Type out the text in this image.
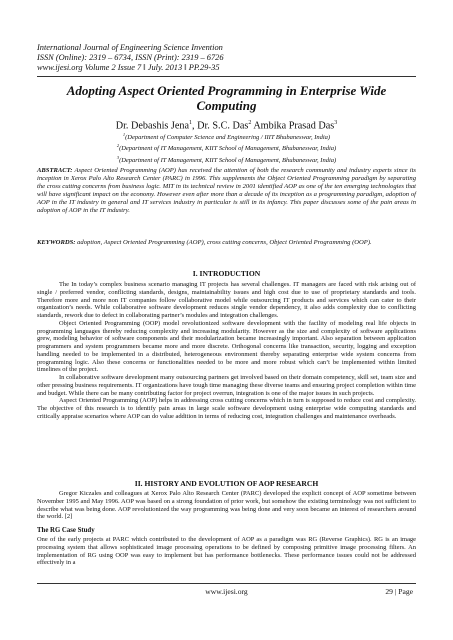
International Journal of Engineering Science Invention
ISSN (Online): 2319 – 6734, ISSN (Print): 2319 – 6726
www.ijesi.org Volume 2 Issue 7 ǁ July. 2013 ǁ PP.29-35
Adopting Aspect Oriented Programming in Enterprise Wide Computing
Dr. Debashis Jena$^1$, Dr. S.C. Das$^2$ Ambika Prasad Das$^3$
$^1$(Department of Computer Science and Engineering / IIIT Bhubaneswar, India)
$^2$(Department of IT Management, KIIT School of Management, Bhubaneswar, India)
$^3$(Department of IT Management, KIIT School of Management, Bhubaneswar, India)
ABSTRACT: Aspect Oriented Programming (AOP) has received the attention of both the research community and industry experts since its inception in Xerox Palo Alto Research Center (PARC) in 1996. This supplements the Object Oriented Programming paradigm by separating the cross cutting concerns from business logic. MIT in its technical review in 2001 identified AOP as one of the ten emerging technologies that will have significant impact on the economy. However even after more than a decade of its inception as a programming paradigm, adoption of AOP in the IT industry in general and IT services industry in particular is still in its infancy. This paper discusses some of the pain areas in adoption of AOP in the IT industry.
KEYWORDS: adoption, Aspect Oriented Programming (AOP), cross cutting concerns, Object Oriented Programming (OOP).
I. INTRODUCTION

The In today’s complex business scenario managing IT projects has several challenges. IT managers are faced with risk arising out of single / preferred vendor, conflicting standards, designs, maintainability issues and high cost due to use of proprietary standards and tools. Therefore more and more non IT companies follow collaborative model while outsourcing IT products and services which can cater to their organization’s needs. While collaborative software development reduces single vendor dependency, it also adds complexity due to conflicting standards, rework due to defect in collaborating partner’s modules and integration challenges.

Object Oriented Programming (OOP) model revolutionized software development with the facility of modeling real life objects in programming languages thereby reducing complexity and increasing modularity. However as the size and complexity of software applications grew, modeling behavior of software components and their modularization became increasingly important. Also separation between application programmers and system programmers became more and more discrete. Orthogonal concerns like transaction, security, logging and exception handling needed to be implemented in a distributed, heterogeneous environment thereby separating enterprise wide system concerns from programming logic. Also these concerns or functionalities needed to be more and more robust which can’t be implemented within limited timelines of the project.

In collaborative software development many outsourcing partners get involved based on their domain competency, skill set, team size and other pressing business requirements. IT organizations have tough time managing these diverse teams and ensuring project completion within time and budget. While there can be many contributing factor for project overrun, integration is one of the major issues in such projects.

Aspect Oriented Programming (AOP) helps in addressing cross cutting concerns which in turn is supposed to reduce cost and complexity. The objective of this research is to identify pain areas in large scale software development using enterprise wide computing standards and critically appraise scenarios where AOP can do value addition in terms of reducing cost, integration challenges and maintenance overheads.

II. HISTORY AND EVOLUTION OF AOP RESEARCH

Gregor Kiczales and colleagues at Xerox Palo Alto Research Center (PARC) developed the explicit concept of AOP sometime between November 1995 and May 1996. AOP was based on a strong foundation of prior work, but somehow the existing terminology was not sufficient to describe what was being done. AOP revolutionized the way programming was being done and very soon became an interest of researchers around the world. [2]

The RG Case Study

One of the early projects at PARC which contributed to the development of AOP as a paradigm was RG (Reverse Graphics). RG is an image processing system that allows sophisticated image processing operations to be defined by composing primitive image processing filters. An implementation of RG using OOP was easy to implement but has performance bottlenecks. These performance issues could not be addressed effectively in a

www.ijesi.org	29 | Page
